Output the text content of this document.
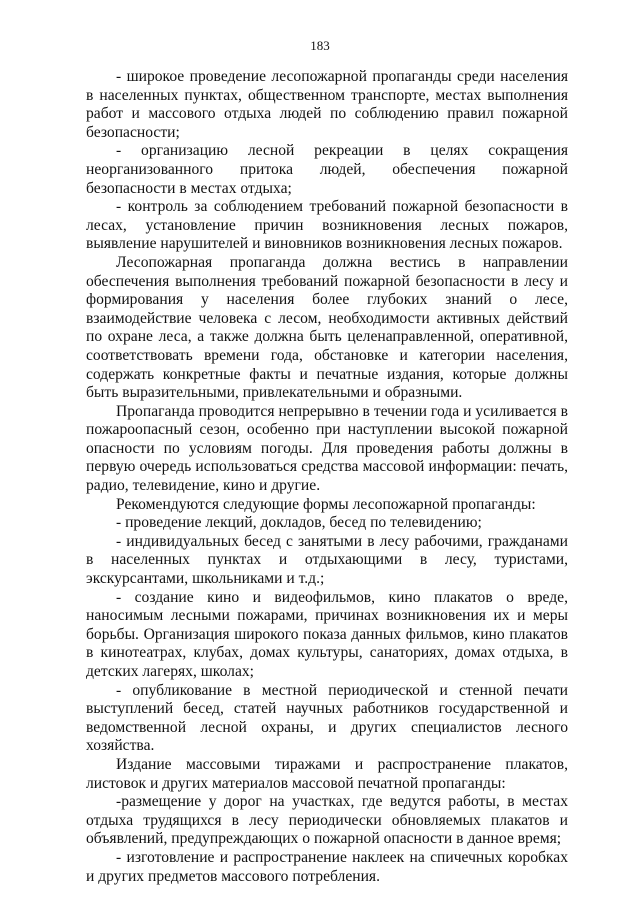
183

- широкое проведение лесопожарной пропаганды среди населения в населенных пунктах, общественном транспорте, местах выполнения работ и массового отдыха людей по соблюдению правил пожарной безопасности;

- организацию лесной рекреации в целях сокращения неорганизованного притока людей, обеспечения пожарной безопасности в местах отдыха;

- контроль за соблюдением требований пожарной безопасности в лесах, установление причин возникновения лесных пожаров, выявление нарушителей и виновников возникновения лесных пожаров.

Лесопожарная пропаганда должна вестись в направлении обеспечения выполнения требований пожарной безопасности в лесу и формирования у населения более глубоких знаний о лесе, взаимодействие человека с лесом, необходимости активных действий по охране леса, а также должна быть целенаправленной, оперативной, соответствовать времени года, обстановке и категории населения, содержать конкретные факты и печатные издания, которые должны быть выразительными, привлекательными и образными.

Пропаганда проводится непрерывно в течении года и усиливается в пожароопасный сезон, особенно при наступлении высокой пожарной опасности по условиям погоды. Для проведения работы должны в первую очередь использоваться средства массовой информации: печать, радио, телевидение, кино и другие.

Рекомендуются следующие формы лесопожарной пропаганды:

- проведение лекций, докладов, бесед по телевидению;

- индивидуальных бесед с занятыми в лесу рабочими, гражданами в населенных пунктах и отдыхающими в лесу, туристами, экскурсантами, школьниками и т.д.;

- создание кино и видеофильмов, кино плакатов о вреде, наносимым лесными пожарами, причинах возникновения их и меры борьбы. Организация широкого показа данных фильмов, кино плакатов в кинотеатрах, клубах, домах культуры, санаториях, домах отдыха, в детских лагерях, школах;

- опубликование в местной периодической и стенной печати выступлений бесед, статей научных работников государственной и ведомственной лесной охраны, и других специалистов лесного хозяйства.

Издание массовыми тиражами и распространение плакатов, листовок и других материалов массовой печатной пропаганды:

-размещение у дорог на участках, где ведутся работы, в местах отдыха трудящихся в лесу периодически обновляемых плакатов и объявлений, предупреждающих о пожарной опасности в данное время;

- изготовление и распространение наклеек на спичечных коробках и других предметов массового потребления.
